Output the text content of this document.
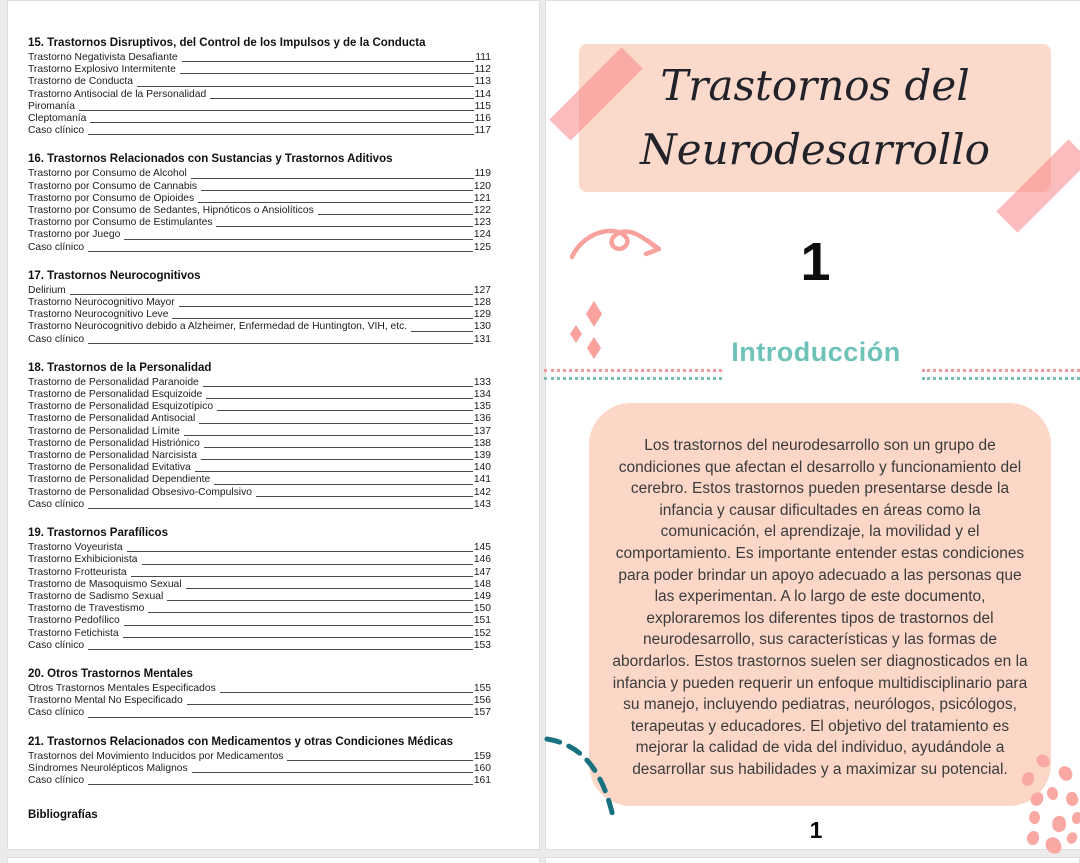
15. Trastornos Disruptivos, del Control de los Impulsos y de la Conducta
Trastorno Negativista Desafiante	111
Trastorno Explosivo Intermitente	112
Trastorno de Conducta	113
Trastorno Antisocial de la Personalidad	114
Piromanía	115
Cleptomanía	116
Caso clínico	117
16. Trastornos Relacionados con Sustancias y Trastornos Aditivos
Trastorno por Consumo de Alcohol	119
Trastorno por Consumo de Cannabis	120
Trastorno por Consumo de Opioides	121
Trastorno por Consumo de Sedantes, Hipnóticos o Ansiolíticos	122
Trastorno por Consumo de Estimulantes	123
Trastorno por Juego	124
Caso clínico	125
17. Trastornos Neurocognitivos
Delirium	127
Trastorno Neurocognitivo Mayor	128
Trastorno Neurocognitivo Leve	129
Trastorno Neurocognitivo debido a Alzheimer, Enfermedad de Huntington, VIH, etc.	130
Caso clínico	131
18. Trastornos de la Personalidad
Trastorno de Personalidad Paranoide	133
Trastorno de Personalidad Esquizoide	134
Trastorno de Personalidad Esquizotípico	135
Trastorno de Personalidad Antisocial	136
Trastorno de Personalidad Límite	137
Trastorno de Personalidad Histriónico	138
Trastorno de Personalidad Narcisista	139
Trastorno de Personalidad Evitativa	140
Trastorno de Personalidad Dependiente	141
Trastorno de Personalidad Obsesivo-Compulsivo	142
Caso clínico	143
19. Trastornos Parafílicos
Trastorno Voyeurista	145
Trastorno Exhibicionista	146
Trastorno Frotteurista	147
Trastorno de Masoquismo Sexual	148
Trastorno de Sadismo Sexual	149
Trastorno de Travestismo	150
Trastorno Pedofílico	151
Trastorno Fetichista	152
Caso clínico	153
20. Otros Trastornos Mentales
Otros Trastornos Mentales Especificados	155
Trastorno Mental No Especificado	156
Caso clínico	157
21. Trastornos Relacionados con Medicamentos y otras Condiciones Médicas
Trastornos del Movimiento Inducidos por Medicamentos	159
Síndromes Neurolépticos Malignos	160
Caso clínico	161
Bibliografías
Trastornos del
Neurodesarrollo
1
Introducción
Los trastornos del neurodesarrollo son un grupo de condiciones que afectan el desarrollo y funcionamiento del cerebro. Estos trastornos pueden presentarse desde la infancia y causar dificultades en áreas como la comunicación, el aprendizaje, la movilidad y el comportamiento. Es importante entender estas condiciones para poder brindar un apoyo adecuado a las personas que las experimentan. A lo largo de este documento, exploraremos los diferentes tipos de trastornos del neurodesarrollo, sus características y las formas de abordarlos. Estos trastornos suelen ser diagnosticados en la infancia y pueden requerir un enfoque multidisciplinario para su manejo, incluyendo pediatras, neurólogos, psicólogos, terapeutas y educadores. El objetivo del tratamiento es mejorar la calidad de vida del individuo, ayudándole a desarrollar sus habilidades y a maximizar su potencial.
1
